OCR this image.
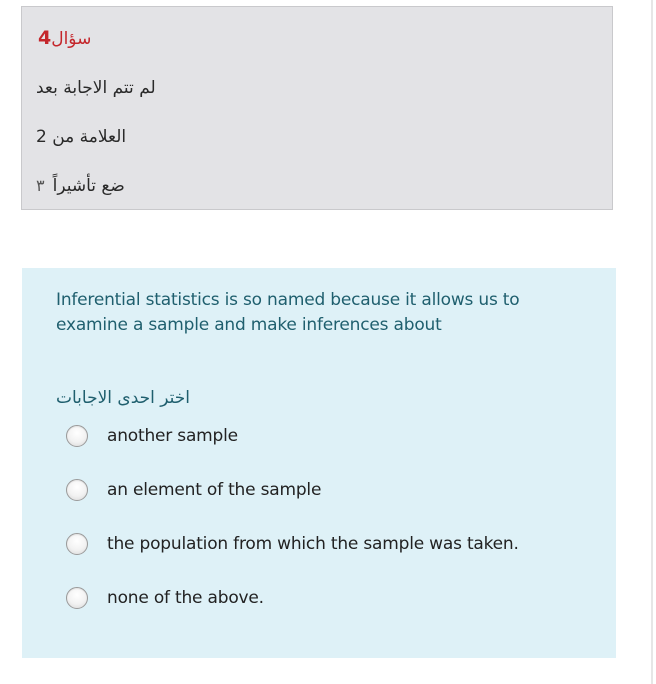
سؤال4
لم تتم الاجابة بعد
العلامة من 2
ضع تأشيراً۳
Inferential statistics is so named because it allows us to examine a sample and make inferences about
اختر احدى الاجابات
another sample
an element of the sample
the population from which the sample was taken.
none of the above.
